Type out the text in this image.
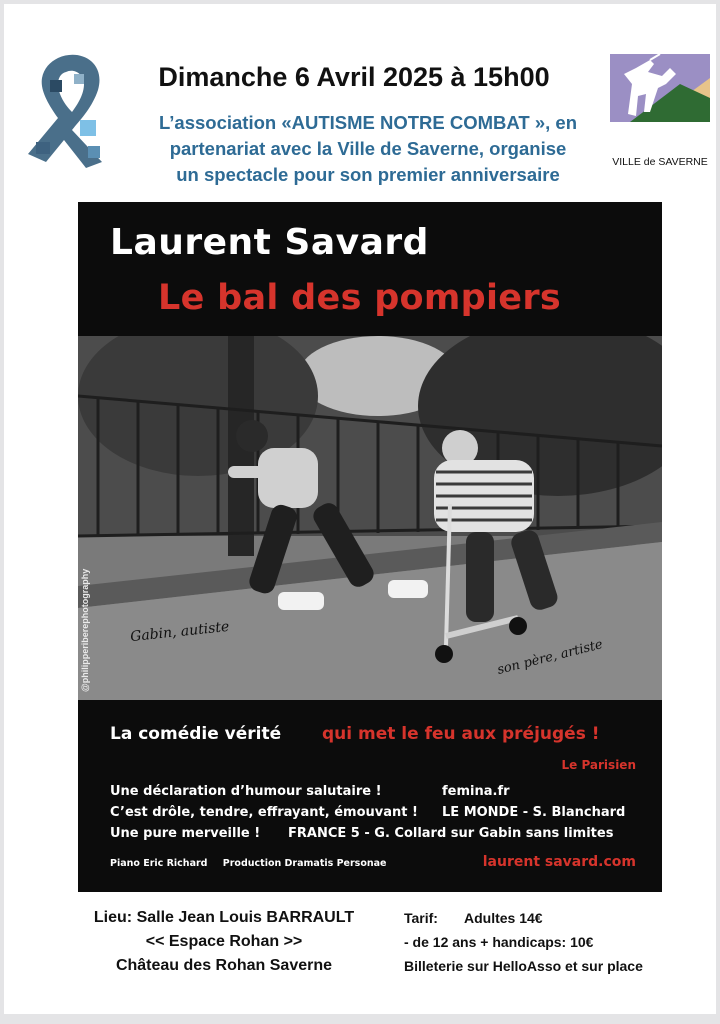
VILLE de SAVERNE
Dimanche 6 Avril 2025 à 15h00
L’association «AUTISME NOTRE COMBAT », en
partenariat avec la Ville de Saverne, organise
un spectacle pour son premier anniversaire
Laurent Savard
Le bal des pompiers
@philipperiberephotography	Gabin, autiste
son père, artiste
La comédie vérité qui met le feu aux préjugés !
Le Parisien
Une déclaration d’humour salutaire !	femina.fr
C’est drôle, tendre, effrayant, émouvant ! LE MONDE - S. Blanchard
Une pure merveille ! FRANCE 5 - G. Collard sur Gabin sans limites
Piano Eric Richard Production Dramatis Personae	laurent savard.com
Lieu: Salle Jean Louis BARRAULT
<< Espace Rohan >>
Château des Rohan Saverne
Tarif: Adultes 14€
- de 12 ans + handicaps: 10€
Billeterie sur HelloAsso et sur place
